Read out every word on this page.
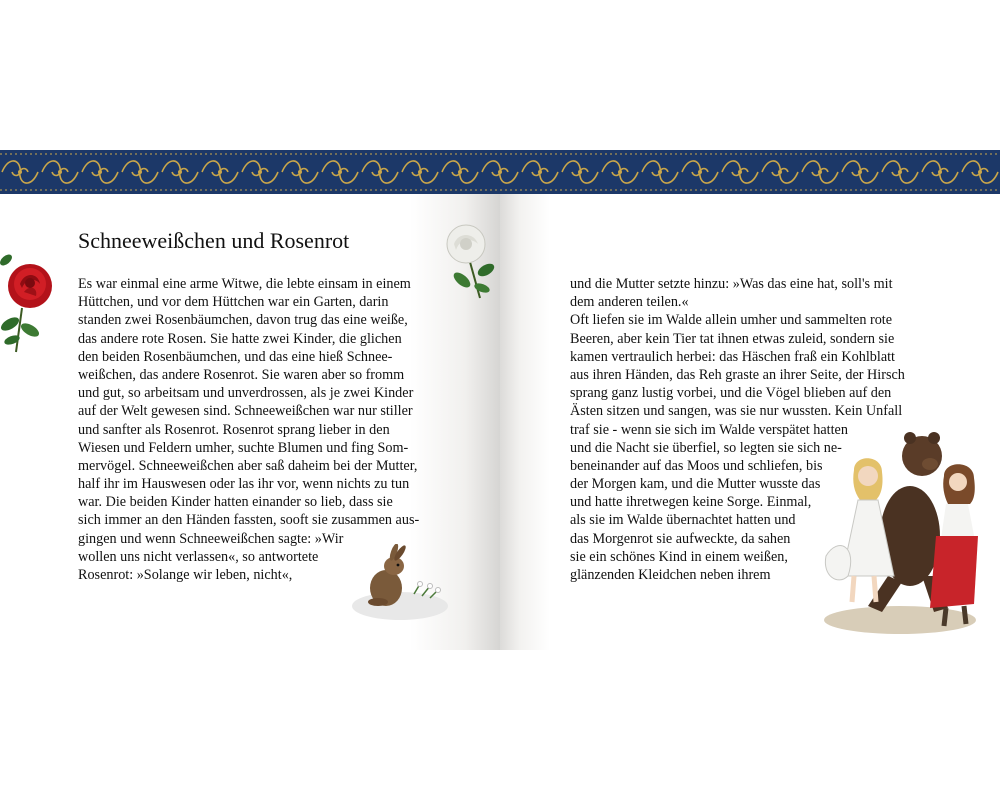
Schneeweißchen und Rosenrot
Es war einmal eine arme Witwe, die lebte einsam in einem
Hüttchen, und vor dem Hüttchen war ein Garten, darin
standen zwei Rosenbäumchen, davon trug das eine weiße,
das andere rote Rosen. Sie hatte zwei Kinder, die glichen
den beiden Rosenbäumchen, und das eine hieß Schnee-
weißchen, das andere Rosenrot. Sie waren aber so fromm
und gut, so arbeitsam und unverdrossen, als je zwei Kinder
auf der Welt gewesen sind. Schneeweißchen war nur stiller
und sanfter als Rosenrot. Rosenrot sprang lieber in den
Wiesen und Feldern umher, suchte Blumen und fing Som-
mervögel. Schneeweißchen aber saß daheim bei der Mutter,
half ihr im Hauswesen oder las ihr vor, wenn nichts zu tun
war. Die beiden Kinder hatten einander so lieb, dass sie
sich immer an den Händen fassten, sooft sie zusammen aus-
gingen und wenn Schneeweißchen sagte: »Wir
wollen uns nicht verlassen«, so antwortete
Rosenrot: »Solange wir leben, nicht«,
und die Mutter setzte hinzu: »Was das eine hat, soll's mit
dem anderen teilen.«
Oft liefen sie im Walde allein umher und sammelten rote
Beeren, aber kein Tier tat ihnen etwas zuleid, sondern sie
kamen vertraulich herbei: das Häschen fraß ein Kohlblatt
aus ihren Händen, das Reh graste an ihrer Seite, der Hirsch
sprang ganz lustig vorbei, und die Vögel blieben auf den
Ästen sitzen und sangen, was sie nur wussten. Kein Unfall
traf sie - wenn sie sich im Walde verspätet hatten
und die Nacht sie überfiel, so legten sie sich ne-
beneinander auf das Moos und schliefen, bis
der Morgen kam, und die Mutter wusste das
und hatte ihretwegen keine Sorge. Einmal,
als sie im Walde übernachtet hatten und
das Morgenrot sie aufweckte, da sahen
sie ein schönes Kind in einem weißen,
glänzenden Kleidchen neben ihrem
